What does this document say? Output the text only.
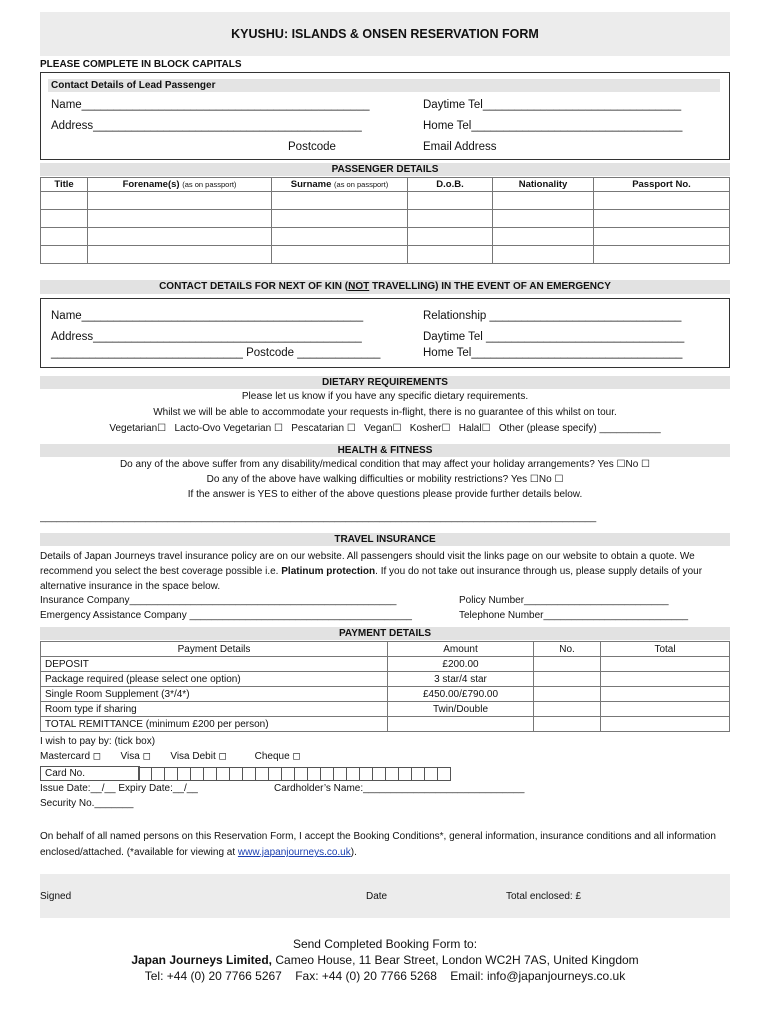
KYUSHU: ISLANDS & ONSEN RESERVATION FORM
PLEASE COMPLETE IN BLOCK CAPITALS
Contact Details of Lead Passenger
Name_____________________________________________	Daytime Tel_______________________________
Address__________________________________________	Home Tel_________________________________
Postcode	Email Address
PASSENGER DETAILS
Title	Forename(s) (as on passport)	Surname (as on passport)	D.o.B.	Nationality	Passport No.

CONTACT DETAILS FOR NEXT OF KIN (NOT TRAVELLING) IN THE EVENT OF AN EMERGENCY
Name____________________________________________	Relationship ______________________________
Address__________________________________________	Daytime Tel _______________________________
______________________________ Postcode _____________	Home Tel_________________________________
DIETARY REQUIREMENTS
Please let us know if you have any specific dietary requirements.
Whilst we will be able to accommodate your requests in-flight, there is no guarantee of this whilst on tour.
Vegetarian☐   Lacto-Ovo Vegetarian ☐   Pescatarian ☐   Vegan☐   Kosher☐   Halal☐   Other (please specify) ___________
HEALTH & FITNESS
Do any of the above suffer from any disability/medical condition that may affect your holiday arrangements? Yes ☐No ☐
Do any of the above have walking difficulties or mobility restrictions? Yes ☐No ☐
If the answer is YES to either of the above questions please provide further details below.
____________________________________________________________________________________________________
TRAVEL INSURANCE
Details of Japan Journeys travel insurance policy are on our website. All passengers should visit the links page on our website to obtain a quote. We recommend you select the best coverage possible i.e. Platinum protection. If you do not take out insurance through us, please supply details of your alternative insurance in the space below.
Insurance Company________________________________________________	Policy Number__________________________
Emergency Assistance Company ________________________________________	Telephone Number__________________________
PAYMENT DETAILS
Payment Details	Amount	No.	Total
DEPOSIT	£200.00		
Package required (please select one option)	3 star/4 star		
Single Room Supplement (3*/4*)	£450.00/£790.00		
Room type if sharing	Twin/Double		
TOTAL REMITTANCE (minimum £200 per person)			
I wish to pay by: (tick box)
Mastercard ◻       Visa ◻       Visa Debit ◻          Cheque ◻
Card No.
Issue Date:__/__ Expiry Date:__/__	Cardholder’s Name:_____________________________
Security No._______
On behalf of all named persons on this Reservation Form, I accept the Booking Conditions*, general information, insurance conditions and all information enclosed/attached. (*available for viewing at www.japanjourneys.co.uk).
Signed	Date	Total enclosed: £
Send Completed Booking Form to:
Japan Journeys Limited, Cameo House, 11 Bear Street, London WC2H 7AS, United Kingdom
Tel: +44 (0) 20 7766 5267    Fax: +44 (0) 20 7766 5268    Email: info@japanjourneys.co.uk
